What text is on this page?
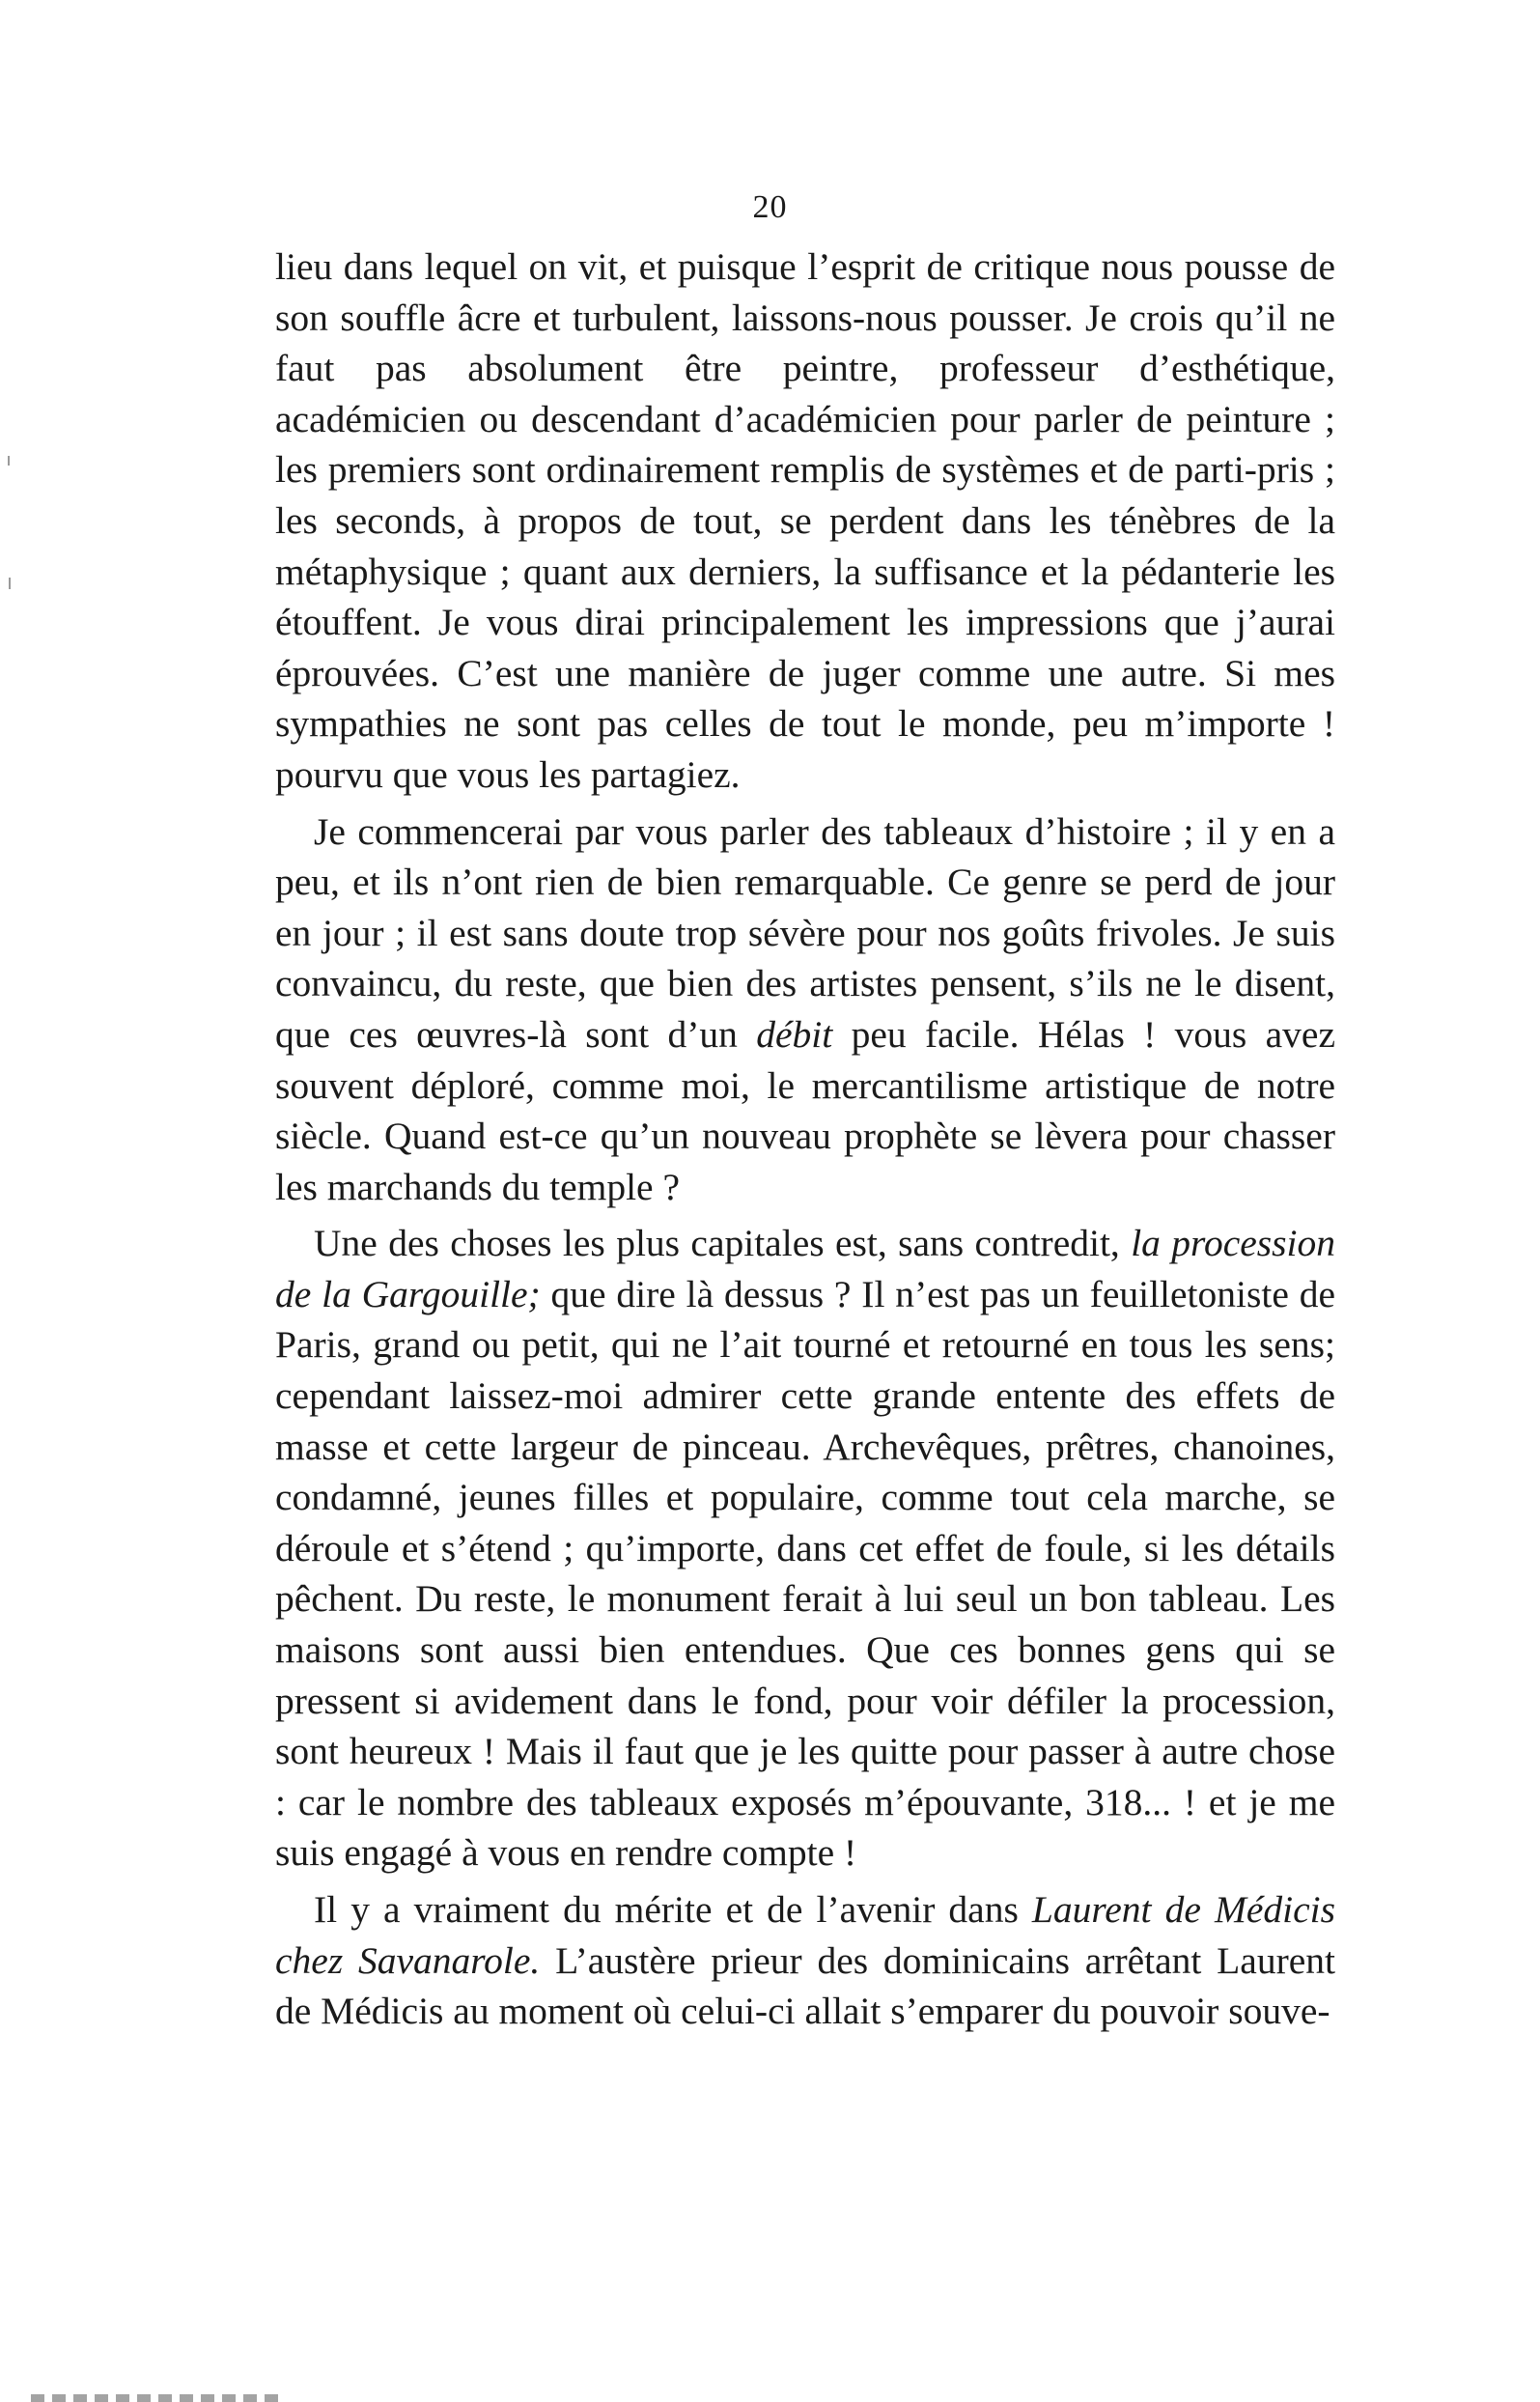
20

lieu dans lequel on vit, et puisque l’esprit de critique nous pousse de son souffle âcre et turbulent, laissons-nous pousser. Je crois qu’il ne faut pas absolument être peintre, professeur d’esthétique, académicien ou descendant d’académicien pour parler de peinture ; les premiers sont ordinairement remplis de systèmes et de parti-pris ; les seconds, à propos de tout, se perdent dans les ténèbres de la métaphysique ; quant aux derniers, la suffisance et la pédanterie les étouffent. Je vous dirai principalement les impressions que j’aurai éprouvées. C’est une manière de juger comme une autre. Si mes sympathies ne sont pas celles de tout le monde, peu m’importe ! pourvu que vous les partagiez.

Je commencerai par vous parler des tableaux d’histoire ; il y en a peu, et ils n’ont rien de bien remarquable. Ce genre se perd de jour en jour ; il est sans doute trop sévère pour nos goûts frivoles. Je suis convaincu, du reste, que bien des artistes pensent, s’ils ne le disent, que ces œuvres-là sont d’un débit peu facile. Hélas ! vous avez souvent déploré, comme moi, le mercantilisme artistique de notre siècle. Quand est-ce qu’un nouveau prophète se lèvera pour chasser les marchands du temple ?

Une des choses les plus capitales est, sans contredit, la procession de la Gargouille; que dire là dessus ? Il n’est pas un feuilletoniste de Paris, grand ou petit, qui ne l’ait tourné et retourné en tous les sens; cependant laissez-moi admirer cette grande entente des effets de masse et cette largeur de pinceau. Archevêques, prêtres, chanoines, condamné, jeunes filles et populaire, comme tout cela marche, se déroule et s’étend ; qu’importe, dans cet effet de foule, si les détails pêchent. Du reste, le monument ferait à lui seul un bon tableau. Les maisons sont aussi bien entendues. Que ces bonnes gens qui se pressent si avidement dans le fond, pour voir défiler la procession, sont heureux ! Mais il faut que je les quitte pour passer à autre chose : car le nombre des tableaux exposés m’épouvante, 318... ! et je me suis engagé à vous en rendre compte !

Il y a vraiment du mérite et de l’avenir dans Laurent de Médicis chez Savanarole. L’austère prieur des dominicains arrêtant Laurent de Médicis au moment où celui-ci allait s’emparer du pouvoir souve-
